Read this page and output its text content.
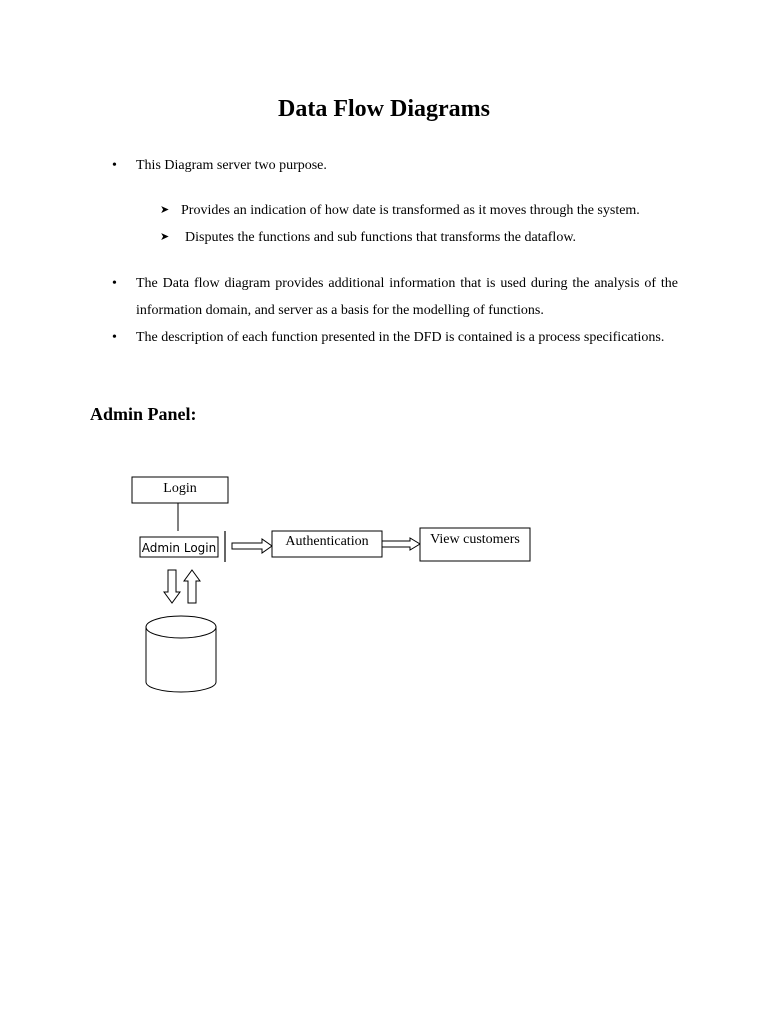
Data Flow Diagrams
• This Diagram server two purpose.
• The Data flow diagram provides additional information that is used during the analysis of the information domain, and server as a basis for the modelling of functions.
• The description of each function presented in the DFD is contained is a process specifications.
➤ Provides an indication of how date is transformed as it moves through the system.
➤ Disputes the functions and sub functions that transforms the dataflow.
Admin Panel:
Login
Admin Login	Authentication	View customers
